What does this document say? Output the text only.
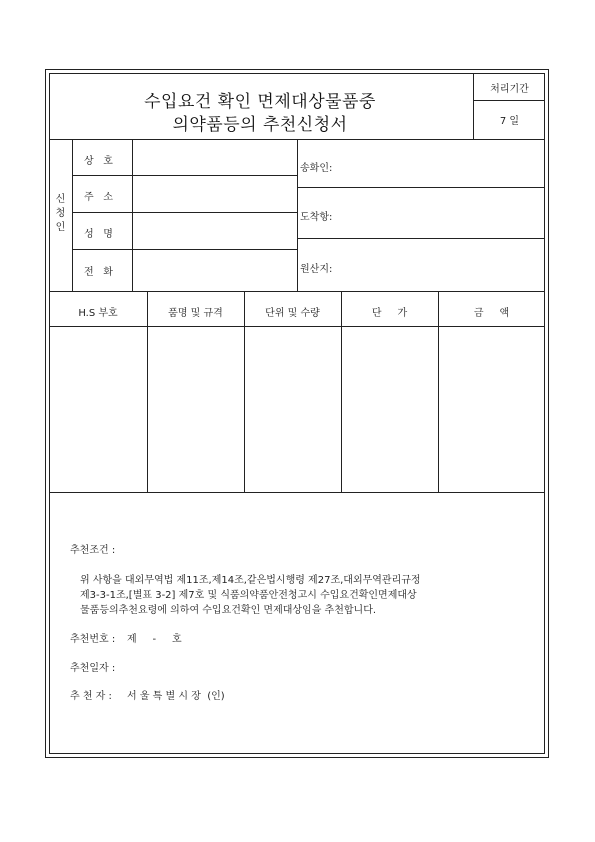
수입요건 확인 면제대상물품중
의약품등의 추천신청서
처리기간
7 일
신
청
인
상   호
주   소
성   명
전   화
송화인:
도착항:
원산지:
H.S 부호	품명 및 규격	단위 및 수량	단     가	금     액
추천조건 :
위 사항을 대외무역법 제11조,제14조,같은법시행령 제27조,대외무역관리규정
제3-3-1조,[별표 3-2] 제7호 및 식품의약품안전청고시 수입요건확인면제대상
물품등의추천요령에 의하여 수입요건확인 면제대상임을 추천합니다.
추천번호 : 제     -     호
추천일자 :
추 천 자 : 서 울 특 별 시 장  (인)
